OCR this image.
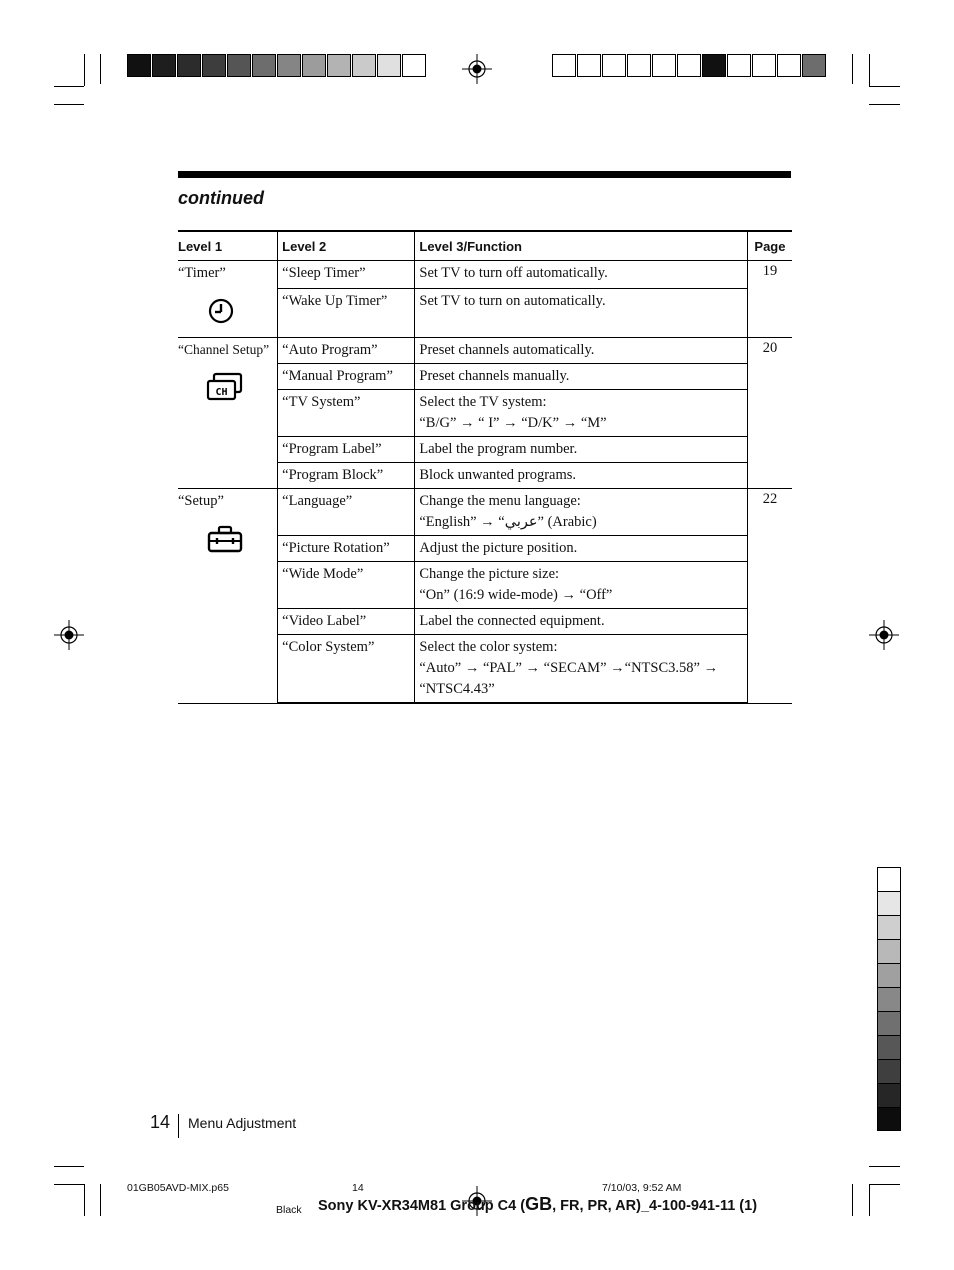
continued
Level 1	Level 2	Level 3/Function	Page
“Timer”	“Sleep Timer”	Set TV to turn off automatically.	19
	“Wake Up Timer”	Set TV to turn on automatically.	

“Channel Setup”
CH	“Auto Program”	Preset channels automatically.	20
	“Manual Program”	Preset channels manually.	

	“TV System”	Select the TV system:
“B/G” → “ I” → “D/K” → “M”	

	“Program Label”	Label the program number.	

	“Program Block”	Block unwanted programs.	

“Setup”	“Language”	Change the menu language:
“English” → “عربي” (Arabic)	22
	“Picture Rotation”	Adjust the picture position.	

	“Wide Mode”	Change the picture size:
“On” (16:9 wide-mode) → “Off”	

	“Video Label”	Label the connected equipment.	

	“Color System”	Select the color system:
“Auto” → “PAL” → “SECAM” →“NTSC3.58” →
“NTSC4.43”	
14 Menu Adjustment
01GB05AVD-MIX.p65	14	7/10/03, 9:52 AM
Black Sony KV-XR34M81 Group C4 (GB, FR, PR, AR)_4-100-941-11 (1)
